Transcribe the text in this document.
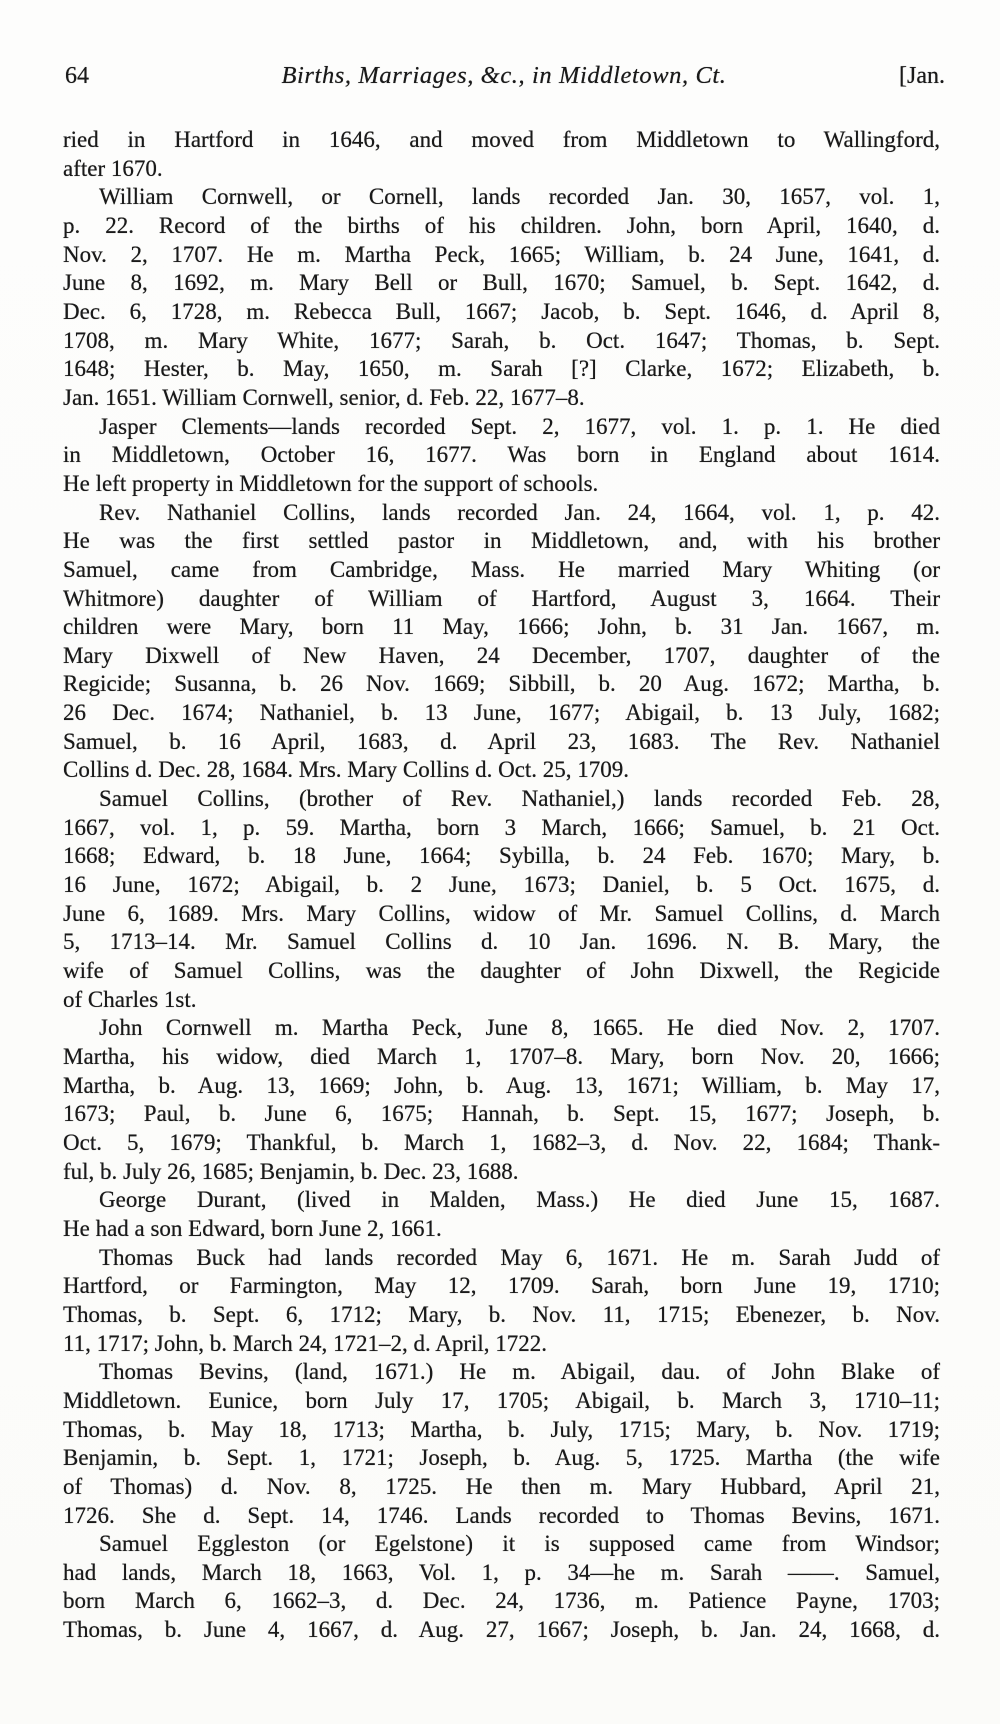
64	Births, Marriages, &c., in Middletown, Ct.	[Jan.
ried in Hartford in 1646, and moved from Middletown to Wallingford,
after 1670.
William Cornwell, or Cornell, lands recorded Jan. 30, 1657, vol. 1,
p. 22. Record of the births of his children. John, born April, 1640, d.
Nov. 2, 1707. He m. Martha Peck, 1665; William, b. 24 June, 1641, d.
June 8, 1692, m. Mary Bell or Bull, 1670; Samuel, b. Sept. 1642, d.
Dec. 6, 1728, m. Rebecca Bull, 1667; Jacob, b. Sept. 1646, d. April 8,
1708, m. Mary White, 1677; Sarah, b. Oct. 1647; Thomas, b. Sept.
1648; Hester, b. May, 1650, m. Sarah [?] Clarke, 1672; Elizabeth, b.
Jan. 1651. William Cornwell, senior, d. Feb. 22, 1677–8.
Jasper Clements—lands recorded Sept. 2, 1677, vol. 1. p. 1. He died
in Middletown, October 16, 1677. Was born in England about 1614.
He left property in Middletown for the support of schools.
Rev. Nathaniel Collins, lands recorded Jan. 24, 1664, vol. 1, p. 42.
He was the first settled pastor in Middletown, and, with his brother
Samuel, came from Cambridge, Mass. He married Mary Whiting (or
Whitmore) daughter of William of Hartford, August 3, 1664. Their
children were Mary, born 11 May, 1666; John, b. 31 Jan. 1667, m.
Mary Dixwell of New Haven, 24 December, 1707, daughter of the
Regicide; Susanna, b. 26 Nov. 1669; Sibbill, b. 20 Aug. 1672; Martha, b.
26 Dec. 1674; Nathaniel, b. 13 June, 1677; Abigail, b. 13 July, 1682;
Samuel, b. 16 April, 1683, d. April 23, 1683. The Rev. Nathaniel
Collins d. Dec. 28, 1684. Mrs. Mary Collins d. Oct. 25, 1709.
Samuel Collins, (brother of Rev. Nathaniel,) lands recorded Feb. 28,
1667, vol. 1, p. 59. Martha, born 3 March, 1666; Samuel, b. 21 Oct.
1668; Edward, b. 18 June, 1664; Sybilla, b. 24 Feb. 1670; Mary, b.
16 June, 1672; Abigail, b. 2 June, 1673; Daniel, b. 5 Oct. 1675, d.
June 6, 1689. Mrs. Mary Collins, widow of Mr. Samuel Collins, d. March
5, 1713–14. Mr. Samuel Collins d. 10 Jan. 1696. N. B. Mary, the
wife of Samuel Collins, was the daughter of John Dixwell, the Regicide
of Charles 1st.
John Cornwell m. Martha Peck, June 8, 1665. He died Nov. 2, 1707.
Martha, his widow, died March 1, 1707–8. Mary, born Nov. 20, 1666;
Martha, b. Aug. 13, 1669; John, b. Aug. 13, 1671; William, b. May 17,
1673; Paul, b. June 6, 1675; Hannah, b. Sept. 15, 1677; Joseph, b.
Oct. 5, 1679; Thankful, b. March 1, 1682–3, d. Nov. 22, 1684; Thank-
ful, b. July 26, 1685; Benjamin, b. Dec. 23, 1688.
George Durant, (lived in Malden, Mass.) He died June 15, 1687.
He had a son Edward, born June 2, 1661.
Thomas Buck had lands recorded May 6, 1671. He m. Sarah Judd of
Hartford, or Farmington, May 12, 1709. Sarah, born June 19, 1710;
Thomas, b. Sept. 6, 1712; Mary, b. Nov. 11, 1715; Ebenezer, b. Nov.
11, 1717; John, b. March 24, 1721–2, d. April, 1722.
Thomas Bevins, (land, 1671.) He m. Abigail, dau. of John Blake of
Middletown. Eunice, born July 17, 1705; Abigail, b. March 3, 1710–11;
Thomas, b. May 18, 1713; Martha, b. July, 1715; Mary, b. Nov. 1719;
Benjamin, b. Sept. 1, 1721; Joseph, b. Aug. 5, 1725. Martha (the wife
of Thomas) d. Nov. 8, 1725. He then m. Mary Hubbard, April 21,
1726. She d. Sept. 14, 1746. Lands recorded to Thomas Bevins, 1671.
Samuel Eggleston (or Egelstone) it is supposed came from Windsor;
had lands, March 18, 1663, Vol. 1, p. 34—he m. Sarah ——. Samuel,
born March 6, 1662–3, d. Dec. 24, 1736, m. Patience Payne, 1703;
Thomas, b. June 4, 1667, d. Aug. 27, 1667; Joseph, b. Jan. 24, 1668, d.
